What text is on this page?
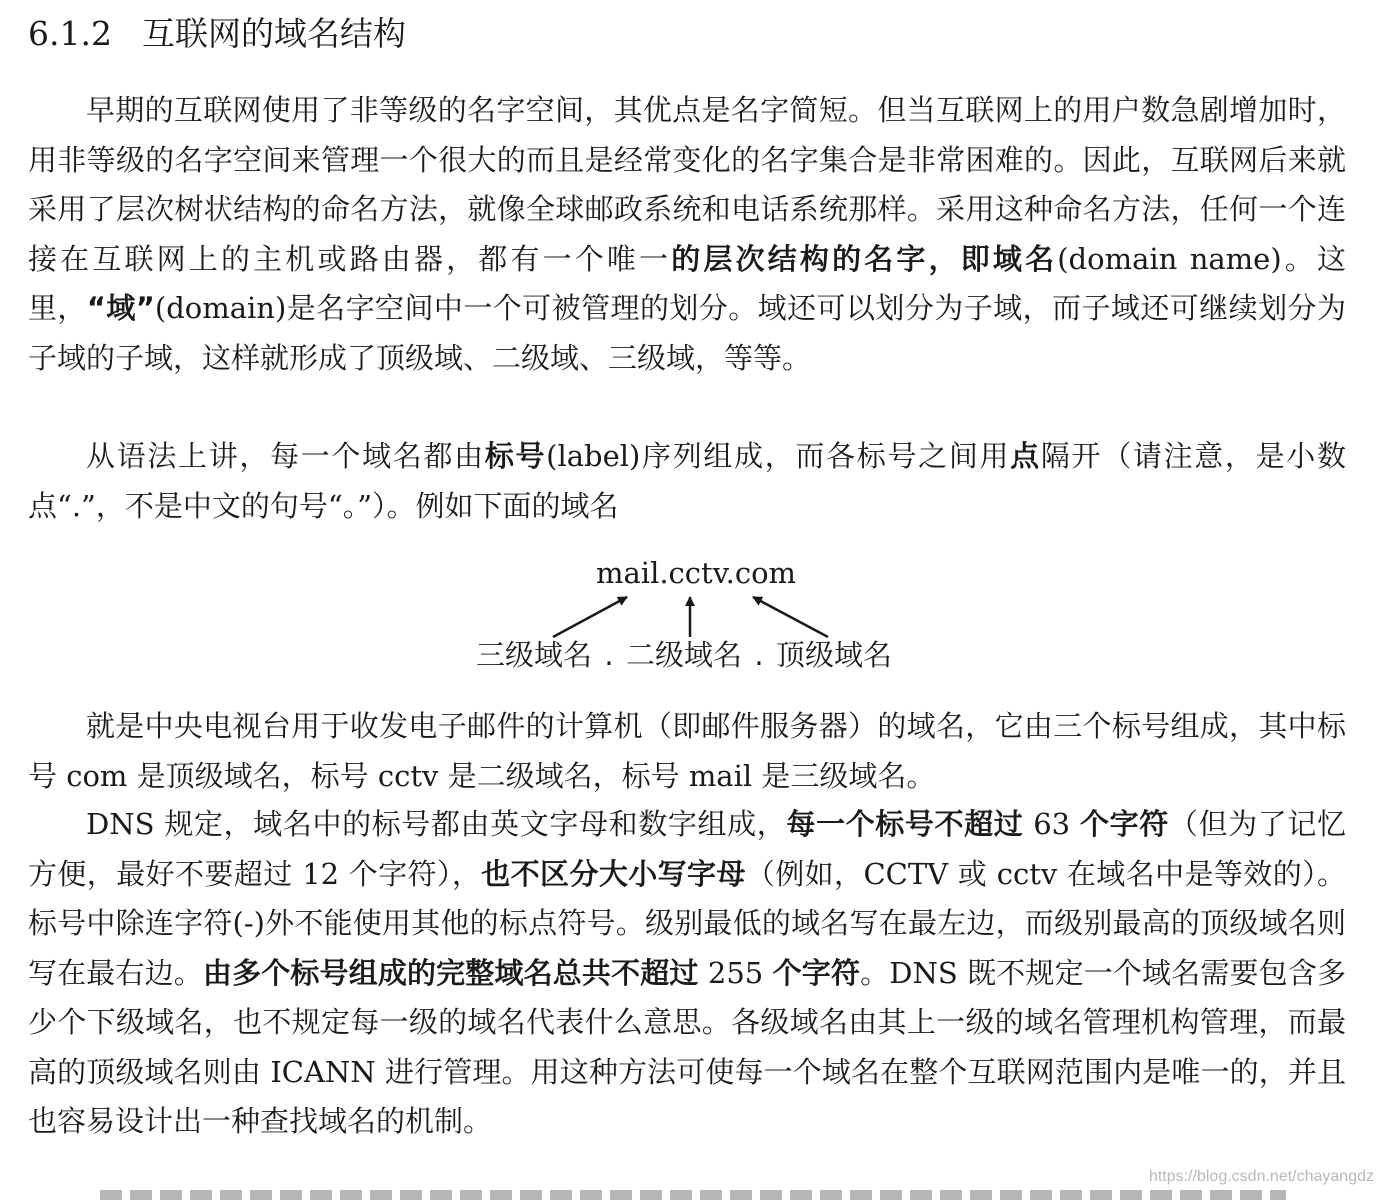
6.1.2 互联网的域名结构
早期的互联网使用了非等级的名字空间，其优点是名字简短。但当互联网上的用户数急剧增加时，用非等级的名字空间来管理一个很大的而且是经常变化的名字集合是非常困难的。因此，互联网后来就采用了层次树状结构的命名方法，就像全球邮政系统和电话系统那样。采用这种命名方法，任何一个连接在互联网上的主机或路由器，都有一个唯一的层次结构的名字，即域名(domain name)。这里，“域”(domain)是名字空间中一个可被管理的划分。域还可以划分为子域，而子域还可继续划分为子域的子域，这样就形成了顶级域、二级域、三级域，等等。
从语法上讲，每一个域名都由标号(label)序列组成，而各标号之间用点隔开（请注意，是小数点“.”，不是中文的句号“。”）。例如下面的域名
mail.cctv.com
三级域名 . 二级域名 . 顶级域名
就是中央电视台用于收发电子邮件的计算机（即邮件服务器）的域名，它由三个标号组成，其中标号 com 是顶级域名，标号 cctv 是二级域名，标号 mail 是三级域名。
DNS 规定，域名中的标号都由英文字母和数字组成，每一个标号不超过 63 个字符（但为了记忆方便，最好不要超过 12 个字符），也不区分大小写字母（例如，CCTV 或 cctv 在域名中是等效的）。标号中除连字符(-)外不能使用其他的标点符号。级别最低的域名写在最左边，而级别最高的顶级域名则写在最右边。由多个标号组成的完整域名总共不超过 255 个字符。DNS 既不规定一个域名需要包含多少个下级域名，也不规定每一级的域名代表什么意思。各级域名由其上一级的域名管理机构管理，而最高的顶级域名则由 ICANN 进行管理。用这种方法可使每一个域名在整个互联网范围内是唯一的，并且也容易设计出一种查找域名的机制。
https://blog.csdn.net/chayangdz
